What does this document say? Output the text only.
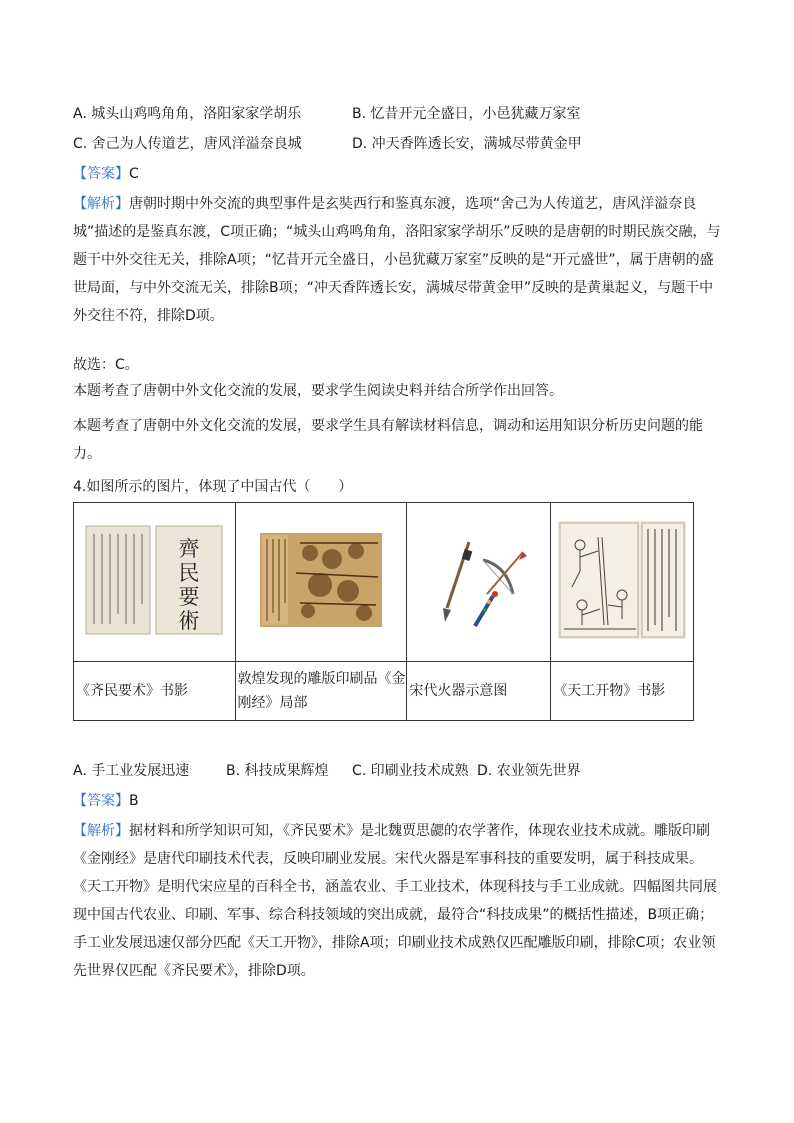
A. 城头山鸡鸣角角，洛阳家家学胡乐	B. 忆昔开元全盛日，小邑犹藏万家室
C. 舍己为人传道艺，唐风洋溢奈良城	D. 冲天香阵透长安，满城尽带黄金甲
【答案】C
【解析】唐朝时期中外交流的典型事件是玄奘西行和鉴真东渡，选项“舍己为人传道艺，唐风洋溢奈良城”描述的是鉴真东渡，C项正确；“城头山鸡鸣角角，洛阳家家学胡乐”反映的是唐朝的时期民族交融，与题干中外交往无关，排除A项；“忆昔开元全盛日，小邑犹藏万家室”反映的是“开元盛世”，属于唐朝的盛世局面，与中外交流无关，排除B项；“冲天香阵透长安，满城尽带黄金甲”反映的是黄巢起义，与题干中外交往不符，排除D项。
故选：C。
本题考查了唐朝中外文化交流的发展，要求学生阅读史料并结合所学作出回答。
本题考查了唐朝中外文化交流的发展，要求学生具有解读材料信息，调动和运用知识分析历史问题的能力。
4.如图所示的图片，体现了中国古代（　　）
齊
民
要
術

《齐民要术》书影	敦煌发现的雕版印刷品《金刚经》局部	宋代火器示意图	《天工开物》书影
A. 手工业发展迅速	B. 科技成果辉煌 C. 印刷业技术成熟 D. 农业领先世界
【答案】B
【解析】据材料和所学知识可知，《齐民要术》是北魏贾思勰的农学著作，体现农业技术成就。雕版印刷《金刚经》是唐代印刷技术代表，反映印刷业发展。宋代火器是军事科技的重要发明，属于科技成果。《天工开物》是明代宋应星的百科全书，涵盖农业、手工业技术，体现科技与手工业成就。四幅图共同展现中国古代农业、印刷、军事、综合科技领域的突出成就，最符合“科技成果”的概括性描述，B项正确；手工业发展迅速仅部分匹配《天工开物》，排除A项；印刷业技术成熟仅匹配雕版印刷，排除C项；农业领先世界仅匹配《齐民要术》，排除D项。
